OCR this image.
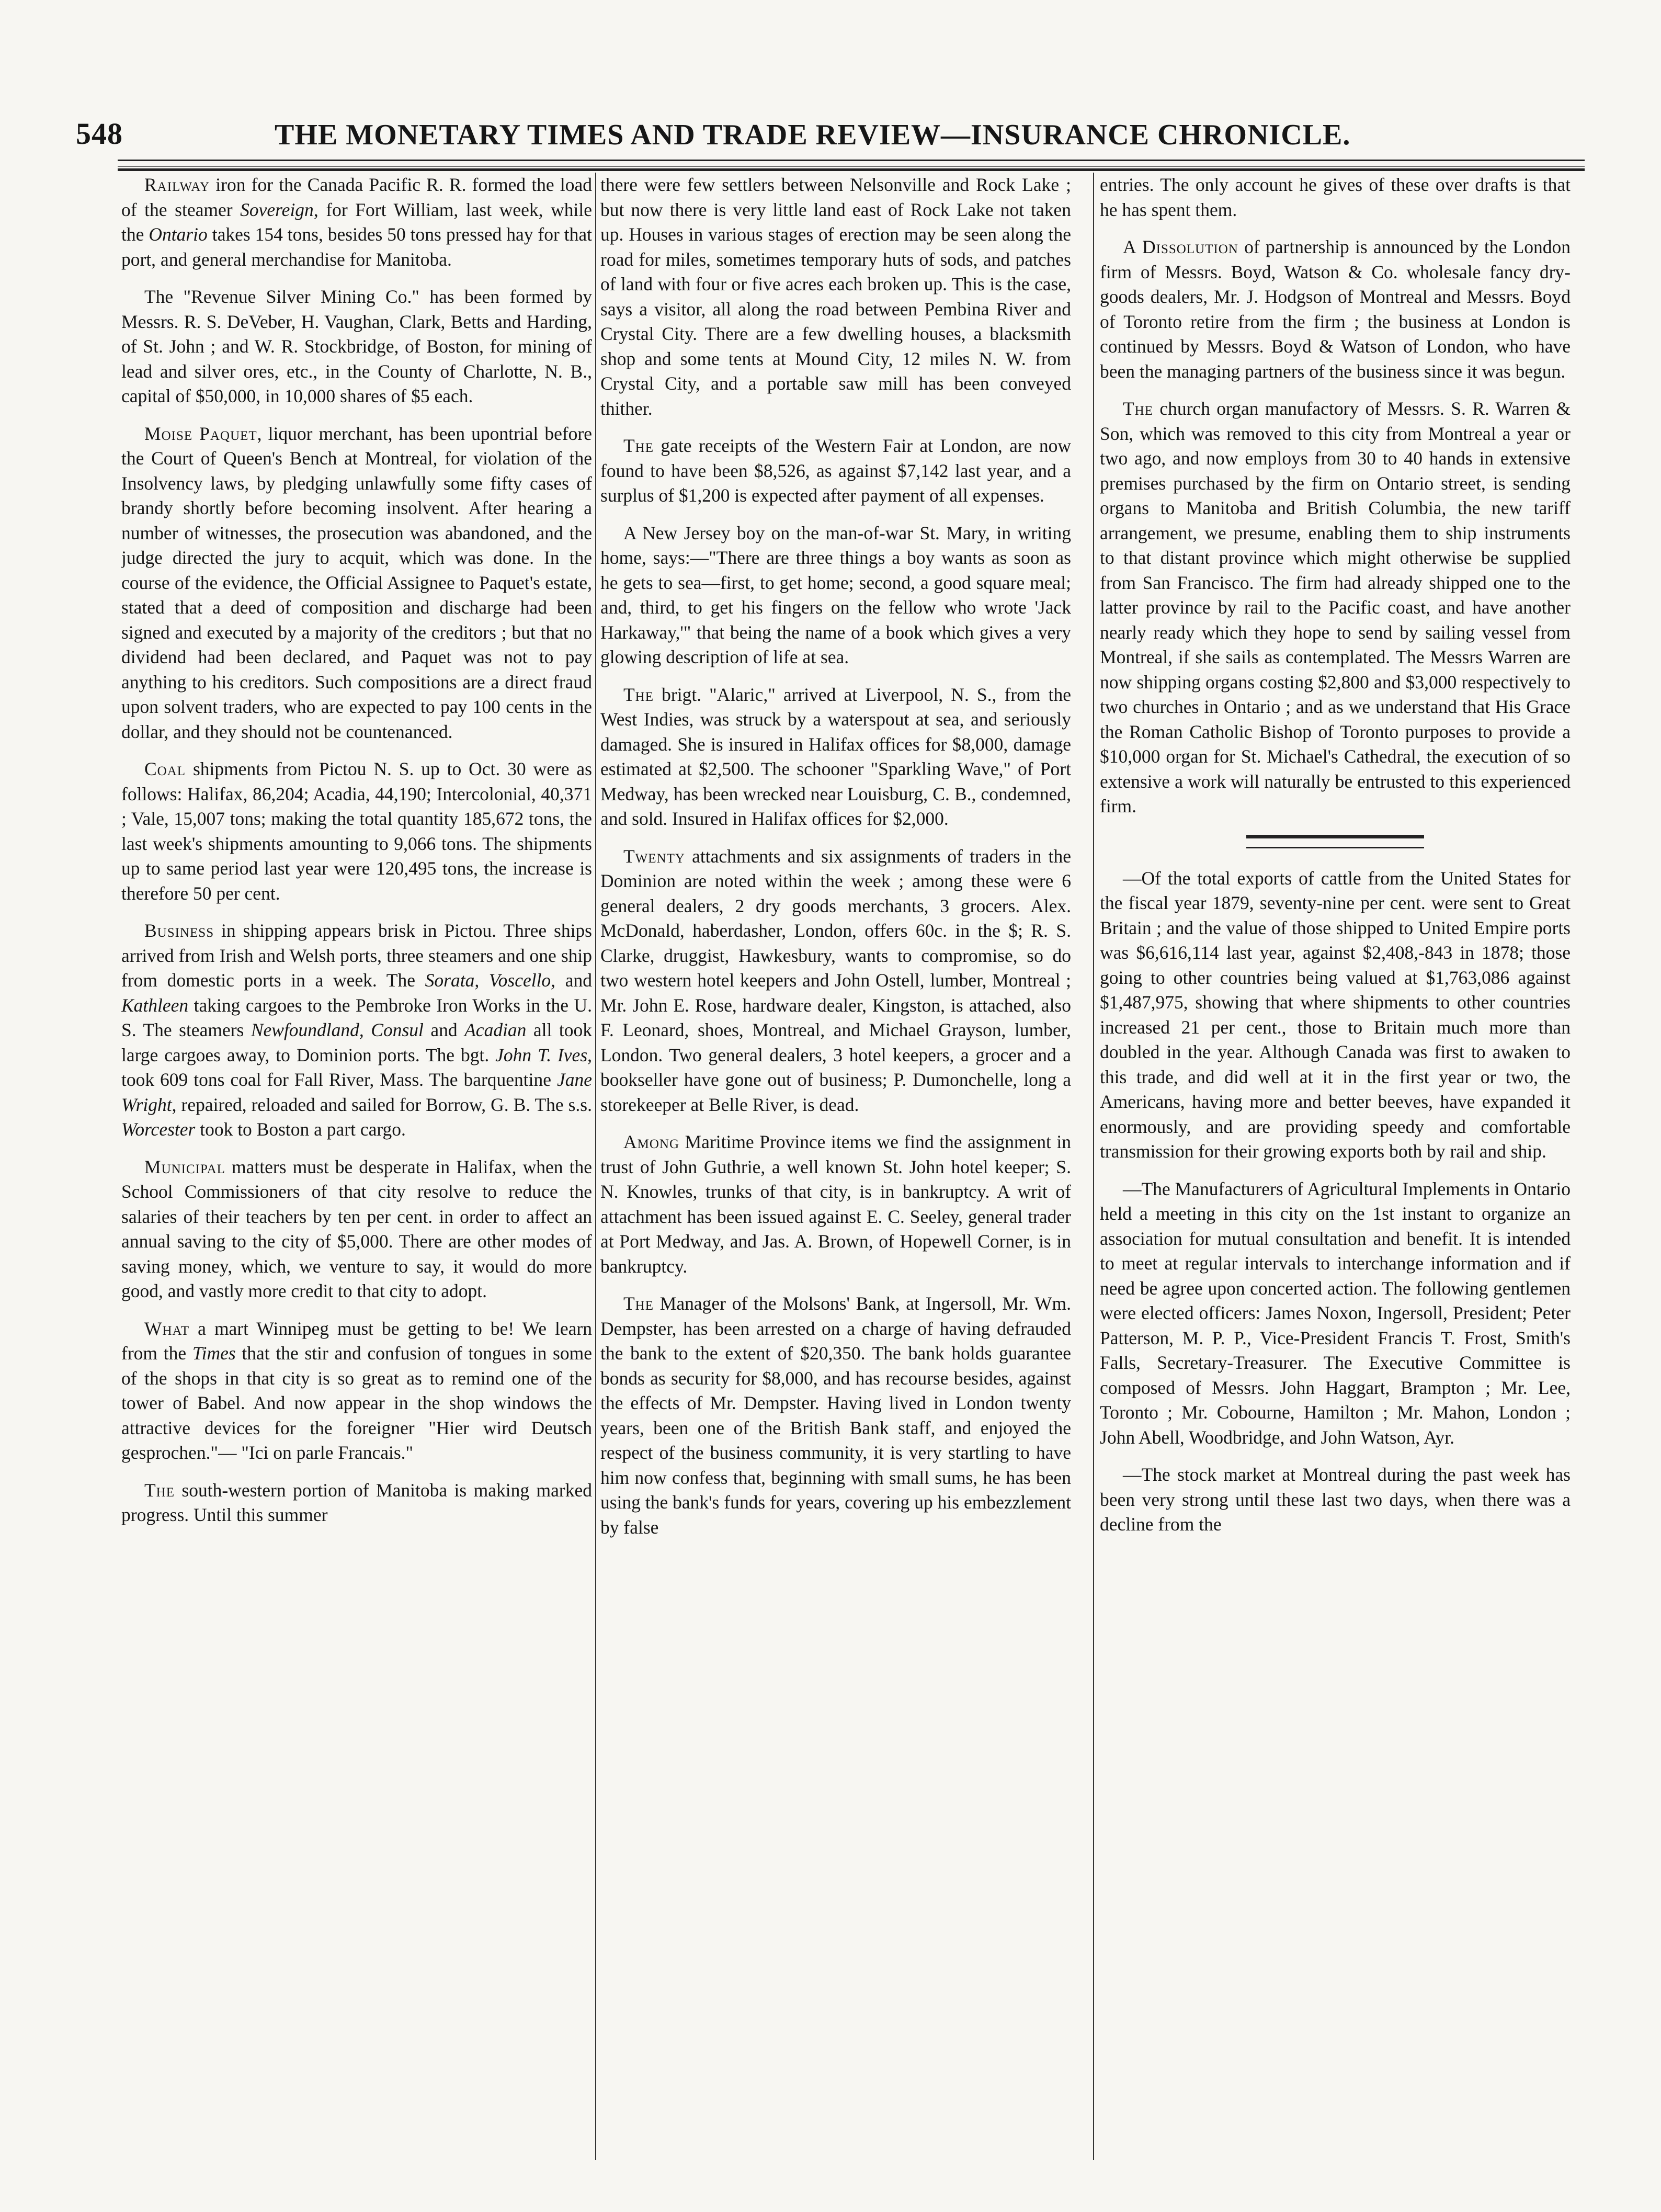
548	THE MONETARY TIMES AND TRADE REVIEW—INSURANCE CHRONICLE.

Railway iron for the Canada Pacific R. R. formed the load of the steamer Sovereign, for Fort William, last week, while the Ontario takes 154 tons, besides 50 tons pressed hay for that port, and general merchandise for Manitoba.

The "Revenue Silver Mining Co." has been formed by Messrs. R. S. DeVeber, H. Vaughan, Clark, Betts and Harding, of St. John ; and W. R. Stockbridge, of Boston, for mining of lead and silver ores, etc., in the County of Charlotte, N. B., capital of $50,000, in 10,000 shares of $5 each.

Moise Paquet, liquor merchant, has been upontrial before the Court of Queen's Bench at Montreal, for violation of the Insolvency laws, by pledging unlawfully some fifty cases of brandy shortly before becoming insolvent. After hearing a number of witnesses, the prosecution was abandoned, and the judge directed the jury to acquit, which was done. In the course of the evidence, the Official Assignee to Paquet's estate, stated that a deed of composition and discharge had been signed and executed by a majority of the creditors ; but that no dividend had been declared, and Paquet was not to pay anything to his creditors. Such compositions are a direct fraud upon solvent traders, who are expected to pay 100 cents in the dollar, and they should not be countenanced.

Coal shipments from Pictou N. S. up to Oct. 30 were as follows: Halifax, 86,204; Acadia, 44,190; Intercolonial, 40,371 ; Vale, 15,007 tons; making the total quantity 185,672 tons, the last week's shipments amounting to 9,066 tons. The shipments up to same period last year were 120,495 tons, the increase is therefore 50 per cent.

Business in shipping appears brisk in Pictou. Three ships arrived from Irish and Welsh ports, three steamers and one ship from domestic ports in a week. The Sorata, Voscello, and Kathleen taking cargoes to the Pembroke Iron Works in the U. S. The steamers Newfoundland, Consul and Acadian all took large cargoes away, to Dominion ports. The bgt. John T. Ives, took 609 tons coal for Fall River, Mass. The barquentine Jane Wright, repaired, reloaded and sailed for Borrow, G. B. The s.s. Worcester took to Boston a part cargo.

Municipal matters must be desperate in Halifax, when the School Commissioners of that city resolve to reduce the salaries of their teachers by ten per cent. in order to affect an annual saving to the city of $5,000. There are other modes of saving money, which, we venture to say, it would do more good, and vastly more credit to that city to adopt.

What a mart Winnipeg must be getting to be! We learn from the Times that the stir and confusion of tongues in some of the shops in that city is so great as to remind one of the tower of Babel. And now appear in the shop windows the attractive devices for the foreigner "Hier wird Deutsch gesprochen."— "Ici on parle Francais."

The south-western portion of Manitoba is making marked progress. Until this summer

there were few settlers between Nelsonville and Rock Lake ; but now there is very little land east of Rock Lake not taken up. Houses in various stages of erection may be seen along the road for miles, sometimes temporary huts of sods, and patches of land with four or five acres each broken up. This is the case, says a visitor, all along the road between Pembina River and Crystal City. There are a few dwelling houses, a blacksmith shop and some tents at Mound City, 12 miles N. W. from Crystal City, and a portable saw mill has been conveyed thither.

The gate receipts of the Western Fair at London, are now found to have been $8,526, as against $7,142 last year, and a surplus of $1,200 is expected after payment of all expenses.

A New Jersey boy on the man-of-war St. Mary, in writing home, says:—"There are three things a boy wants as soon as he gets to sea—first, to get home; second, a good square meal; and, third, to get his fingers on the fellow who wrote 'Jack Harkaway,'" that being the name of a book which gives a very glowing description of life at sea.

The brigt. "Alaric," arrived at Liverpool, N. S., from the West Indies, was struck by a waterspout at sea, and seriously damaged. She is insured in Halifax offices for $8,000, damage estimated at $2,500. The schooner "Sparkling Wave," of Port Medway, has been wrecked near Louisburg, C. B., condemned, and sold. Insured in Halifax offices for $2,000.

Twenty attachments and six assignments of traders in the Dominion are noted within the week ; among these were 6 general dealers, 2 dry goods merchants, 3 grocers. Alex. McDonald, haberdasher, London, offers 60c. in the $; R. S. Clarke, druggist, Hawkesbury, wants to compromise, so do two western hotel keepers and John Ostell, lumber, Montreal ; Mr. John E. Rose, hardware dealer, Kingston, is attached, also F. Leonard, shoes, Montreal, and Michael Grayson, lumber, London. Two general dealers, 3 hotel keepers, a grocer and a bookseller have gone out of business; P. Dumonchelle, long a storekeeper at Belle River, is dead.

Among Maritime Province items we find the assignment in trust of John Guthrie, a well known St. John hotel keeper; S. N. Knowles, trunks of that city, is in bankruptcy. A writ of attachment has been issued against E. C. Seeley, general trader at Port Medway, and Jas. A. Brown, of Hopewell Corner, is in bankruptcy.

The Manager of the Molsons' Bank, at Ingersoll, Mr. Wm. Dempster, has been arrested on a charge of having defrauded the bank to the extent of $20,350. The bank holds guarantee bonds as security for $8,000, and has recourse besides, against the effects of Mr. Dempster. Having lived in London twenty years, been one of the British Bank staff, and enjoyed the respect of the business community, it is very startling to have him now confess that, beginning with small sums, he has been using the bank's funds for years, covering up his embezzlement by false

entries. The only account he gives of these over drafts is that he has spent them.

A Dissolution of partnership is announced by the London firm of Messrs. Boyd, Watson & Co. wholesale fancy dry-goods dealers, Mr. J. Hodgson of Montreal and Messrs. Boyd of Toronto retire from the firm ; the business at London is continued by Messrs. Boyd & Watson of London, who have been the managing partners of the business since it was begun.

The church organ manufactory of Messrs. S. R. Warren & Son, which was removed to this city from Montreal a year or two ago, and now employs from 30 to 40 hands in extensive premises purchased by the firm on Ontario street, is sending organs to Manitoba and British Columbia, the new tariff arrangement, we presume, enabling them to ship instruments to that distant province which might otherwise be supplied from San Francisco. The firm had already shipped one to the latter province by rail to the Pacific coast, and have another nearly ready which they hope to send by sailing vessel from Montreal, if she sails as contemplated. The Messrs Warren are now shipping organs costing $2,800 and $3,000 respectively to two churches in Ontario ; and as we understand that His Grace the Roman Catholic Bishop of Toronto purposes to provide a $10,000 organ for St. Michael's Cathedral, the execution of so extensive a work will naturally be entrusted to this experienced firm.

—Of the total exports of cattle from the United States for the fiscal year 1879, seventy-nine per cent. were sent to Great Britain ; and the value of those shipped to United Empire ports was $6,616,114 last year, against $2,408,-843 in 1878; those going to other countries being valued at $1,763,086 against $1,487,975, showing that where shipments to other countries increased 21 per cent., those to Britain much more than doubled in the year. Although Canada was first to awaken to this trade, and did well at it in the first year or two, the Americans, having more and better beeves, have expanded it enormously, and are providing speedy and comfortable transmission for their growing exports both by rail and ship.

—The Manufacturers of Agricultural Implements in Ontario held a meeting in this city on the 1st instant to organize an association for mutual consultation and benefit. It is intended to meet at regular intervals to interchange information and if need be agree upon concerted action. The following gentlemen were elected officers: James Noxon, Ingersoll, President; Peter Patterson, M. P. P., Vice-President Francis T. Frost, Smith's Falls, Secretary-Treasurer. The Executive Committee is composed of Messrs. John Haggart, Brampton ; Mr. Lee, Toronto ; Mr. Cobourne, Hamilton ; Mr. Mahon, London ; John Abell, Woodbridge, and John Watson, Ayr.

—The stock market at Montreal during the past week has been very strong until these last two days, when there was a decline from the
